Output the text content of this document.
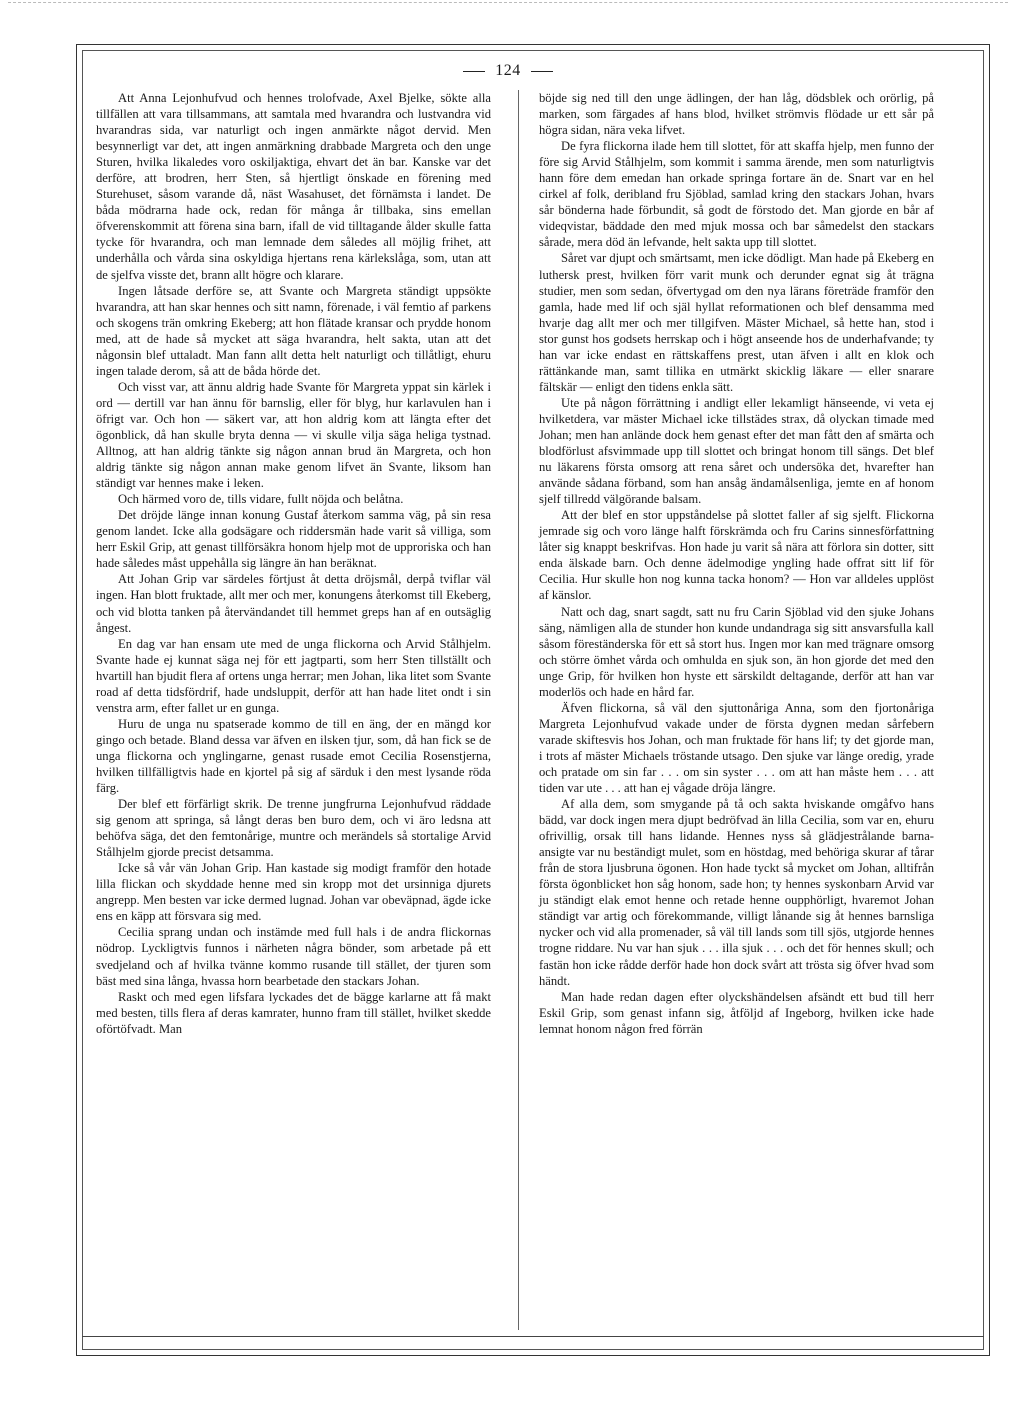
124

Att Anna Lejonhufvud och hennes trolofvade, Axel Bjelke, sökte alla tillfällen att vara tillsammans, att samtala med hvarandra och lustvandra vid hvarandras sida, var naturligt och ingen anmärkte något dervid. Men besynnerligt var det, att ingen anmärkning drabbade Margreta och den unge Sturen, hvilka likaledes voro oskiljaktiga, ehvart det än bar. Kanske var det derföre, att brodren, herr Sten, så hjertligt önskade en förening med Sturehuset, såsom varande då, näst Wasahuset, det förnämsta i landet. De båda mödrarna hade ock, redan för många år tillbaka, sins emellan öfverenskommit att förena sina barn, ifall de vid tilltagande ålder skulle fatta tycke för hvarandra, och man lemnade dem således all möjlig frihet, att underhålla och vårda sina oskyldiga hjertans rena kärlekslåga, som, utan att de sjelfva visste det, brann allt högre och klarare.

Ingen låtsade derföre se, att Svante och Margreta ständigt uppsökte hvarandra, att han skar hennes och sitt namn, förenade, i väl femtio af parkens och skogens trän omkring Ekeberg; att hon flätade kransar och prydde honom med, att de hade så mycket att säga hvarandra, helt sakta, utan att det någonsin blef uttaladt. Man fann allt detta helt naturligt och tillåtligt, ehuru ingen talade derom, så att de båda hörde det.

Och visst var, att ännu aldrig hade Svante för Margreta yppat sin kärlek i ord — dertill var han ännu för barnslig, eller för blyg, hur karlavulen han i öfrigt var. Och hon — säkert var, att hon aldrig kom att längta efter det ögonblick, då han skulle bryta denna — vi skulle vilja säga heliga tystnad. Alltnog, att han aldrig tänkte sig någon annan brud än Margreta, och hon aldrig tänkte sig någon annan make genom lifvet än Svante, liksom han ständigt var hennes make i leken.

Och härmed voro de, tills vidare, fullt nöjda och belåtna.

Det dröjde länge innan konung Gustaf återkom samma väg, på sin resa genom landet. Icke alla godsägare och riddersmän hade varit så villiga, som herr Eskil Grip, att genast tillförsäkra honom hjelp mot de upproriska och han hade således måst uppehålla sig längre än han beräknat.

Att Johan Grip var särdeles förtjust åt detta dröjsmål, derpå tviflar väl ingen. Han blott fruktade, allt mer och mer, konungens återkomst till Ekeberg, och vid blotta tanken på återvändandet till hemmet greps han af en outsäglig ångest.

En dag var han ensam ute med de unga flickorna och Arvid Stålhjelm. Svante hade ej kunnat säga nej för ett jagtparti, som herr Sten tillställt och hvartill han bjudit flera af ortens unga herrar; men Johan, lika litet som Svante road af detta tidsfördrif, hade undsluppit, derför att han hade litet ondt i sin venstra arm, efter fallet ur en gunga.

Huru de unga nu spatserade kommo de till en äng, der en mängd kor gingo och betade. Bland dessa var äfven en ilsken tjur, som, då han fick se de unga flickorna och ynglingarne, genast rusade emot Cecilia Rosenstjerna, hvilken tillfälligtvis hade en kjortel på sig af särduk i den mest lysande röda färg.

Der blef ett förfärligt skrik. De trenne jungfrurna Lejonhufvud räddade sig genom att springa, så långt deras ben buro dem, och vi äro ledsna att behöfva säga, det den femtonårige, muntre och merändels så stortalige Arvid Stålhjelm gjorde precist detsamma.

Icke så vår vän Johan Grip. Han kastade sig modigt framför den hotade lilla flickan och skyddade henne med sin kropp mot det ursinniga djurets angrepp. Men besten var icke dermed lugnad. Johan var obeväpnad, ägde icke ens en käpp att försvara sig med.

Cecilia sprang undan och instämde med full hals i de andra flickornas nödrop. Lyckligtvis funnos i närheten några bönder, som arbetade på ett svedjeland och af hvilka tvänne kommo rusande till stället, der tjuren som bäst med sina långa, hvassa horn bearbetade den stackars Johan.

Raskt och med egen lifsfara lyckades det de bägge karlarne att få makt med besten, tills flera af deras kamrater, hunno fram till stället, hvilket skedde oförtöfvadt. Man

böjde sig ned till den unge ädlingen, der han låg, dödsblek och orörlig, på marken, som färgades af hans blod, hvilket strömvis flödade ur ett sår på högra sidan, nära veka lifvet.

De fyra flickorna ilade hem till slottet, för att skaffa hjelp, men funno der före sig Arvid Stålhjelm, som kommit i samma ärende, men som naturligtvis hann före dem emedan han orkade springa fortare än de. Snart var en hel cirkel af folk, deribland fru Sjöblad, samlad kring den stackars Johan, hvars sår bönderna hade förbundit, så godt de förstodo det. Man gjorde en bår af videqvistar, bäddade den med mjuk mossa och bar såmedelst den stackars sårade, mera död än lefvande, helt sakta upp till slottet.

Såret var djupt och smärtsamt, men icke dödligt. Man hade på Ekeberg en luthersk prest, hvilken förr varit munk och derunder egnat sig åt trägna studier, men som sedan, öfvertygad om den nya lärans företräde framför den gamla, hade med lif och själ hyllat reformationen och blef densamma med hvarje dag allt mer och mer tillgifven. Mäster Michael, så hette han, stod i stor gunst hos godsets herrskap och i högt anseende hos de underhafvande; ty han var icke endast en rättskaffens prest, utan äfven i allt en klok och rättänkande man, samt tillika en utmärkt skicklig läkare — eller snarare fältskär — enligt den tidens enkla sätt.

Ute på någon förrättning i andligt eller lekamligt hänseende, vi veta ej hvilketdera, var mäster Michael icke tillstädes strax, då olyckan timade med Johan; men han anlände dock hem genast efter det man fått den af smärta och blodförlust afsvimmade upp till slottet och bringat honom till sängs. Det blef nu läkarens första omsorg att rena såret och undersöka det, hvarefter han använde sådana förband, som han ansåg ändamålsenliga, jemte en af honom sjelf tillredd välgörande balsam.

Att der blef en stor uppståndelse på slottet faller af sig sjelft. Flickorna jemrade sig och voro länge halft förskrämda och fru Carins sinnesförfattning låter sig knappt beskrifvas. Hon hade ju varit så nära att förlora sin dotter, sitt enda älskade barn. Och denne ädelmodige yngling hade offrat sitt lif för Cecilia. Hur skulle hon nog kunna tacka honom? — Hon var alldeles upplöst af känslor.

Natt och dag, snart sagdt, satt nu fru Carin Sjöblad vid den sjuke Johans säng, nämligen alla de stunder hon kunde undandraga sig sitt ansvarsfulla kall såsom föreständerska för ett så stort hus. Ingen mor kan med trägnare omsorg och större ömhet vårda och omhulda en sjuk son, än hon gjorde det med den unge Grip, för hvilken hon hyste ett särskildt deltagande, derför att han var moderlös och hade en hård far.

Äfven flickorna, så väl den sjuttonåriga Anna, som den fjortonåriga Margreta Lejonhufvud vakade under de första dygnen medan sårfebern varade skiftesvis hos Johan, och man fruktade för hans lif; ty det gjorde man, i trots af mäster Michaels tröstande utsago. Den sjuke var länge oredig, yrade och pratade om sin far . . . om sin syster . . . om att han måste hem . . . att tiden var ute . . . att han ej vågade dröja längre.

Af alla dem, som smygande på tå och sakta hviskande omgåfvo hans bädd, var dock ingen mera djupt bedröfvad än lilla Cecilia, som var en, ehuru ofrivillig, orsak till hans lidande. Hennes nyss så glädjestrålande barna-ansigte var nu beständigt mulet, som en höstdag, med behöriga skurar af tårar från de stora ljusbruna ögonen. Hon hade tyckt så mycket om Johan, alltifrån första ögonblicket hon såg honom, sade hon; ty hennes syskonbarn Arvid var ju ständigt elak emot henne och retade henne oupphörligt, hvaremot Johan ständigt var artig och förekommande, villigt lånande sig åt hennes barnsliga nycker och vid alla promenader, så väl till lands som till sjös, utgjorde hennes trogne riddare. Nu var han sjuk . . . illa sjuk . . . och det för hennes skull; och fastän hon icke rådde derför hade hon dock svårt att trösta sig öfver hvad som händt.

Man hade redan dagen efter olyckshändelsen afsändt ett bud till herr Eskil Grip, som genast infann sig, åtföljd af Ingeborg, hvilken icke hade lemnat honom någon fred förrän
